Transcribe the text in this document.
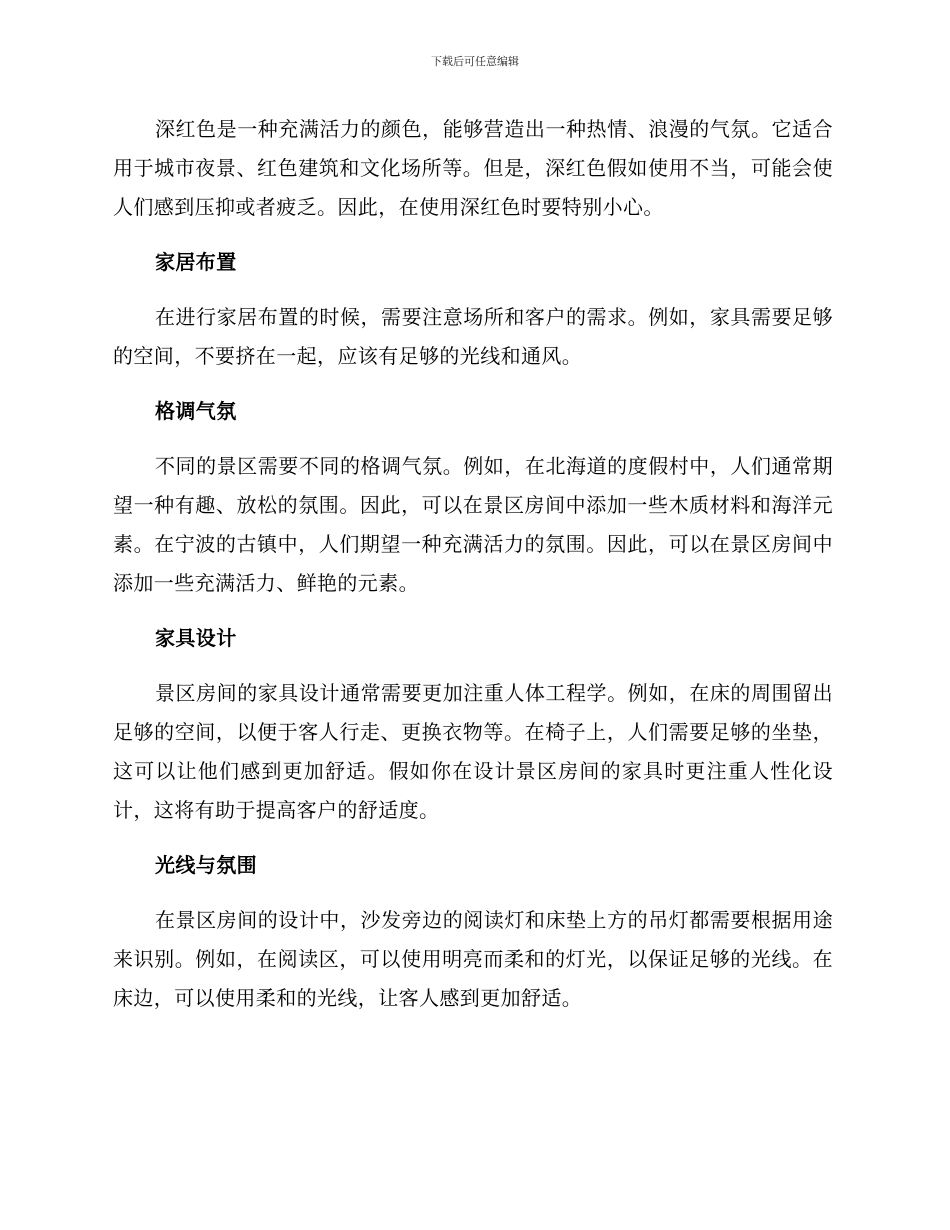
下载后可任意编辑

深红色是一种充满活力的颜色，能够营造出一种热情、浪漫的气氛。它适合用于城市夜景、红色建筑和文化场所等。但是，深红色假如使用不当，可能会使人们感到压抑或者疲乏。因此，在使用深红色时要特别小心。

家居布置

在进行家居布置的时候，需要注意场所和客户的需求。例如，家具需要足够的空间，不要挤在一起，应该有足够的光线和通风。

格调气氛

不同的景区需要不同的格调气氛。例如，在北海道的度假村中，人们通常期望一种有趣、放松的氛围。因此，可以在景区房间中添加一些木质材料和海洋元素。在宁波的古镇中，人们期望一种充满活力的氛围。因此，可以在景区房间中添加一些充满活力、鲜艳的元素。

家具设计

景区房间的家具设计通常需要更加注重人体工程学。例如，在床的周围留出足够的空间，以便于客人行走、更换衣物等。在椅子上，人们需要足够的坐垫，这可以让他们感到更加舒适。假如你在设计景区房间的家具时更注重人性化设计，这将有助于提高客户的舒适度。

光线与氛围

在景区房间的设计中，沙发旁边的阅读灯和床垫上方的吊灯都需要根据用途来识别。例如，在阅读区，可以使用明亮而柔和的灯光，以保证足够的光线。在床边，可以使用柔和的光线，让客人感到更加舒适。
